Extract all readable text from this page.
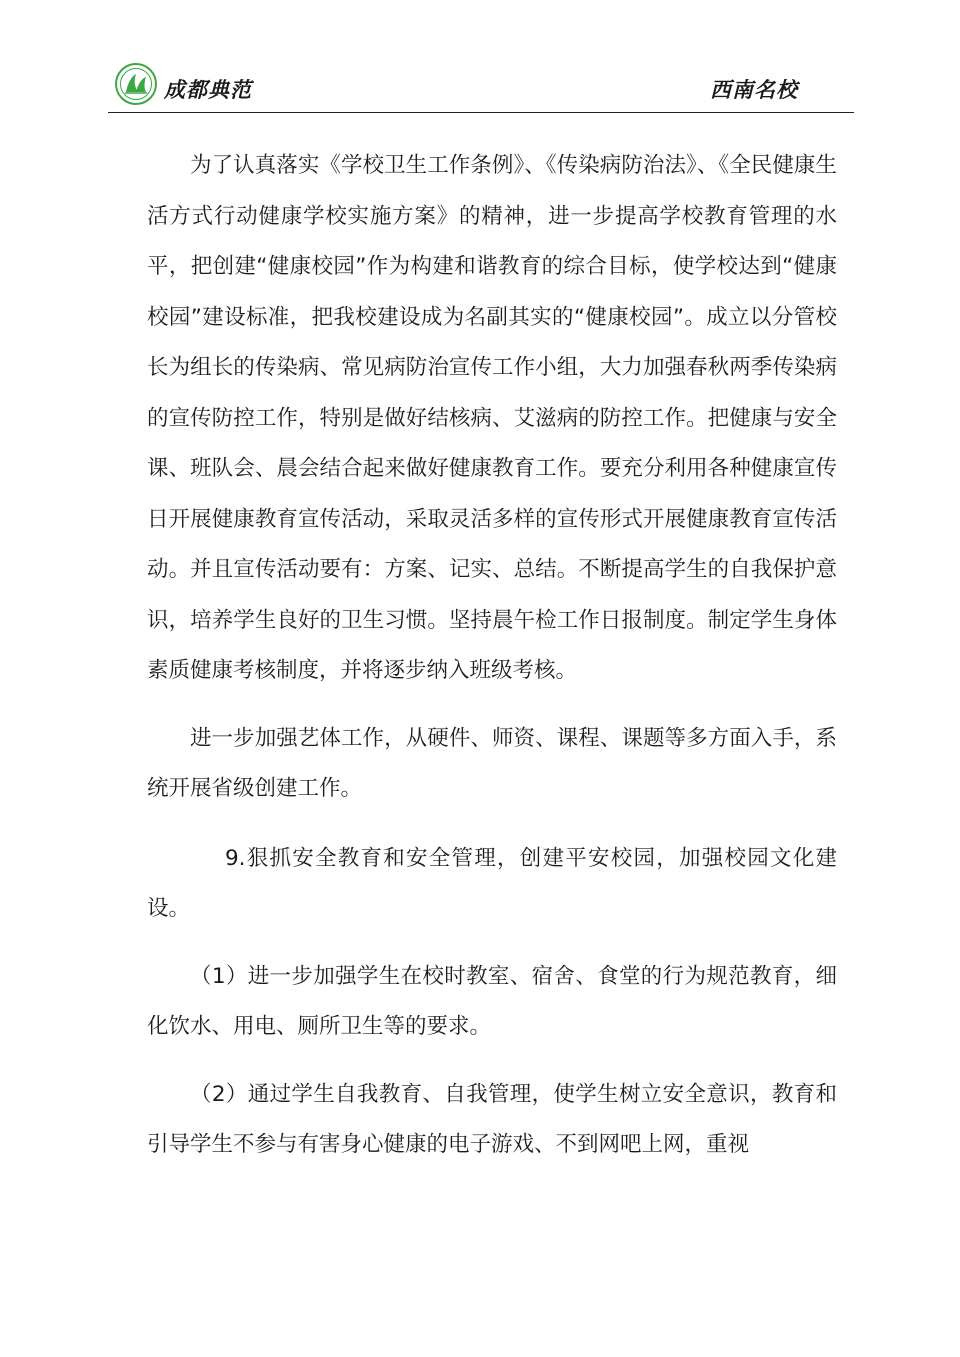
成都典范	西南名校

为了认真落实《学校卫生工作条例》、《传染病防治法》、《全民健康生活方式行动健康学校实施方案》的精神，进一步提高学校教育管理的水平，把创建“健康校园”作为构建和谐教育的综合目标，使学校达到“健康校园”建设标准，把我校建设成为名副其实的“健康校园”。成立以分管校长为组长的传染病、常见病防治宣传工作小组，大力加强春秋两季传染病的宣传防控工作，特别是做好结核病、艾滋病的防控工作。把健康与安全课、班队会、晨会结合起来做好健康教育工作。要充分利用各种健康宣传日开展健康教育宣传活动，采取灵活多样的宣传形式开展健康教育宣传活动。并且宣传活动要有：方案、记实、总结。不断提高学生的自我保护意识，培养学生良好的卫生习惯。坚持晨午检工作日报制度。制定学生身体素质健康考核制度，并将逐步纳入班级考核。

进一步加强艺体工作，从硬件、师资、课程、课题等多方面入手，系统开展省级创建工作。

9.狠抓安全教育和安全管理，创建平安校园，加强校园文化建设。

（1）进一步加强学生在校时教室、宿舍、食堂的行为规范教育，细化饮水、用电、厕所卫生等的要求。

（2）通过学生自我教育、自我管理，使学生树立安全意识，教育和引导学生不参与有害身心健康的电子游戏、不到网吧上网，重视
